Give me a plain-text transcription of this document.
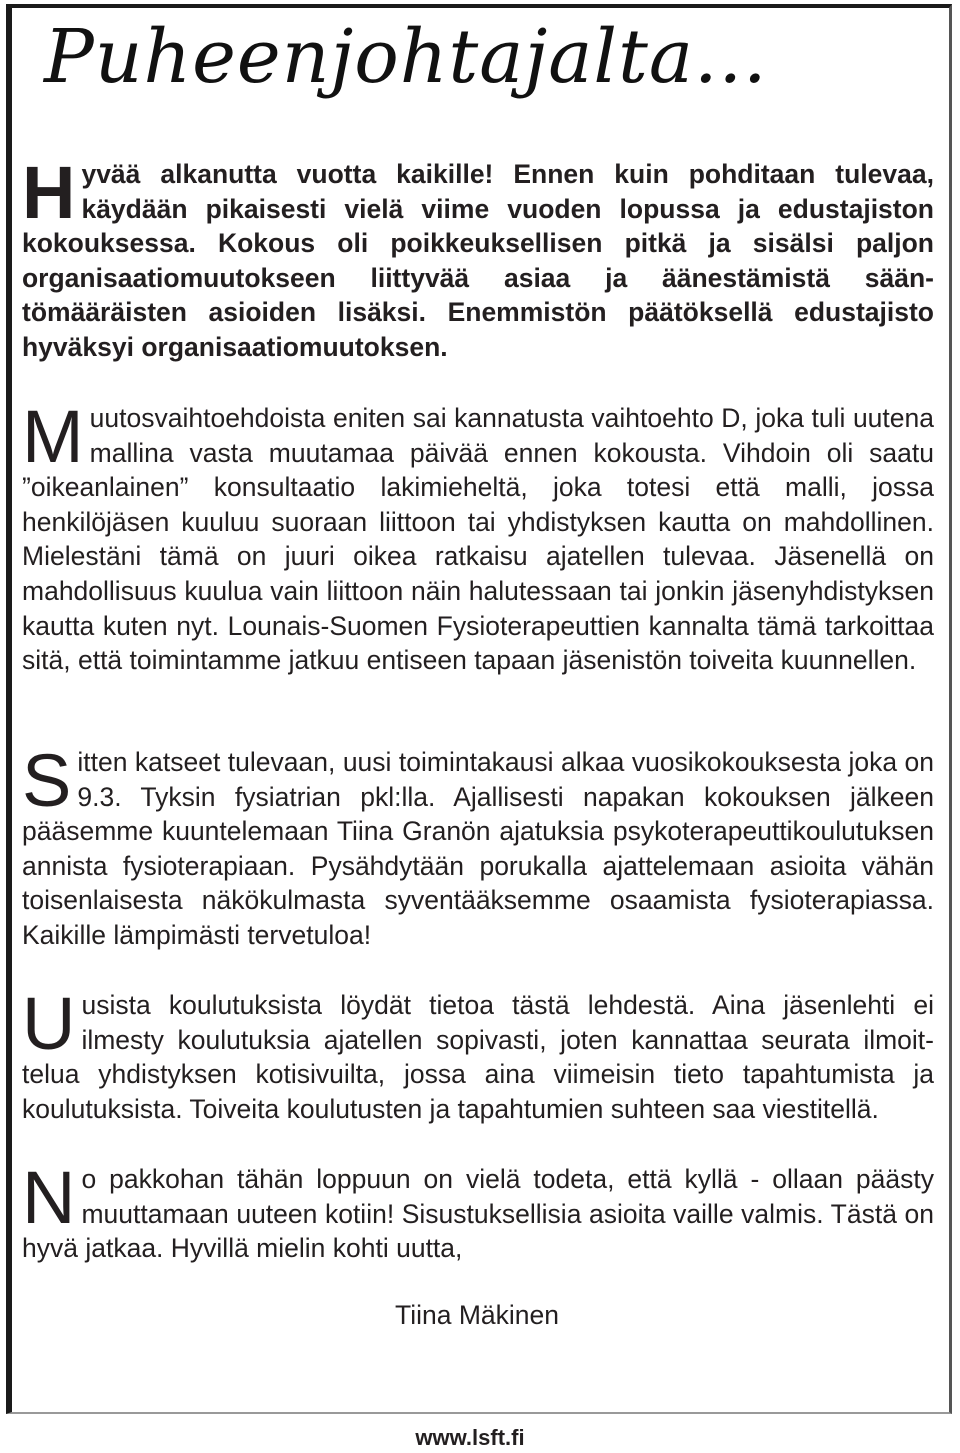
Puheenjohtajalta...

Hyvää alkanutta vuotta kaikille! Ennen kuin pohditaan tulevaa, käydään pikaisesti vielä viime vuoden lopussa ja edustajiston kokouksessa. Kokous oli poikkeuksellisen pitkä ja sisälsi paljon organisaatiomuutokseen liittyvää asiaa ja äänestämistä sääntömääräisten asioiden lisäksi. Enemmistön päätöksellä edustajisto hyväksyi organisaatiomuutoksen.

Muutosvaihtoehdoista eniten sai kannatusta vaihtoehto D, joka tuli uutena mallina vasta muutamaa päivää ennen kokousta. Vihdoin oli saatu ”oikeanlainen” konsultaatio lakimieheltä, joka totesi että malli, jossa henkilöjäsen kuuluu suoraan liittoon tai yhdistyksen kautta on mahdollinen. Mielestäni tämä on juuri oikea ratkaisu ajatellen tulevaa. Jäsenellä on mahdollisuus kuulua vain liittoon näin halutessaan tai jonkin jäsenyhdistyksen kautta kuten nyt. Lounais-Suomen Fysioterapeuttien kannalta tämä tarkoittaa sitä, että toimintamme jatkuu entiseen tapaan jäsenistön toiveita kuunnellen.

Sitten katseet tulevaan, uusi toimintakausi alkaa vuosikokouksesta joka on 9.3. Tyksin fysiatrian pkl:lla. Ajallisesti napakan kokouksen jälkeen pääsemme kuuntelemaan Tiina Granön ajatuksia psykoterapeuttikoulutuksen annista fysioterapiaan. Pysähdytään porukalla ajattelemaan asioita vähän toisenlaisesta näkökulmasta syventääksemme osaamista fysioterapiassa. Kaikille lämpimästi tervetuloa!

Uusista koulutuksista löydät tietoa tästä lehdestä. Aina jäsenlehti ei ilmesty koulutuksia ajatellen sopivasti, joten kannattaa seurata ilmoittelua yhdistyksen kotisivuilta, jossa aina viimeisin tieto tapahtumista ja koulutuksista. Toiveita koulutusten ja tapahtumien suhteen saa viestitellä.

No pakkohan tähän loppuun on vielä todeta, että kyllä - ollaan päästy muuttamaan uuteen kotiin! Sisustuksellisia asioita vaille valmis. Tästä on hyvä jatkaa. Hyvillä mielin kohti uutta,

Tiina Mäkinen

www.lsft.fi
